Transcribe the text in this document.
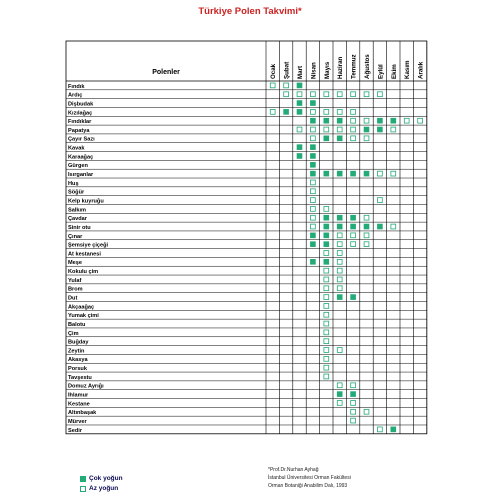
Türkiye Polen Takvimi*
Polenler	Ocak Şubat Mart Nisan Mayıs Haziran Temmuz Ağustos Eylül Ekim Kasım Aralık
Fındık
Ardıç
Dişbudak
Kızılağaç
Fındıklar
Papatya
Çayır Sazı
Kavak
Karaağaç
Gürgen
Isırganlar
Huş
Söğür
Kelp kuyruğu
Salkım
Çavdar
Sinir otu
Çınar
Şemsiye çiçeği
At kestanesi
Meşe
Kokulu çim
Yulaf
Brom
Dut
Akçaağaç
Yumak çimi
Balotu
Çim
Buğday
Zeytin
Akasya
Porsuk
Tavşestu
Domuz Ayrığı
Ihlamur
Kestane
Altınbaşak
Mürver
Sedir
Çok yoğun
Az yoğun
*Prof.Dr.Nurhan Ayhağ
İstanbul Üniversitesi Orman Fakültesi
Orman Botaniği Anabilim Dalı, 1993
